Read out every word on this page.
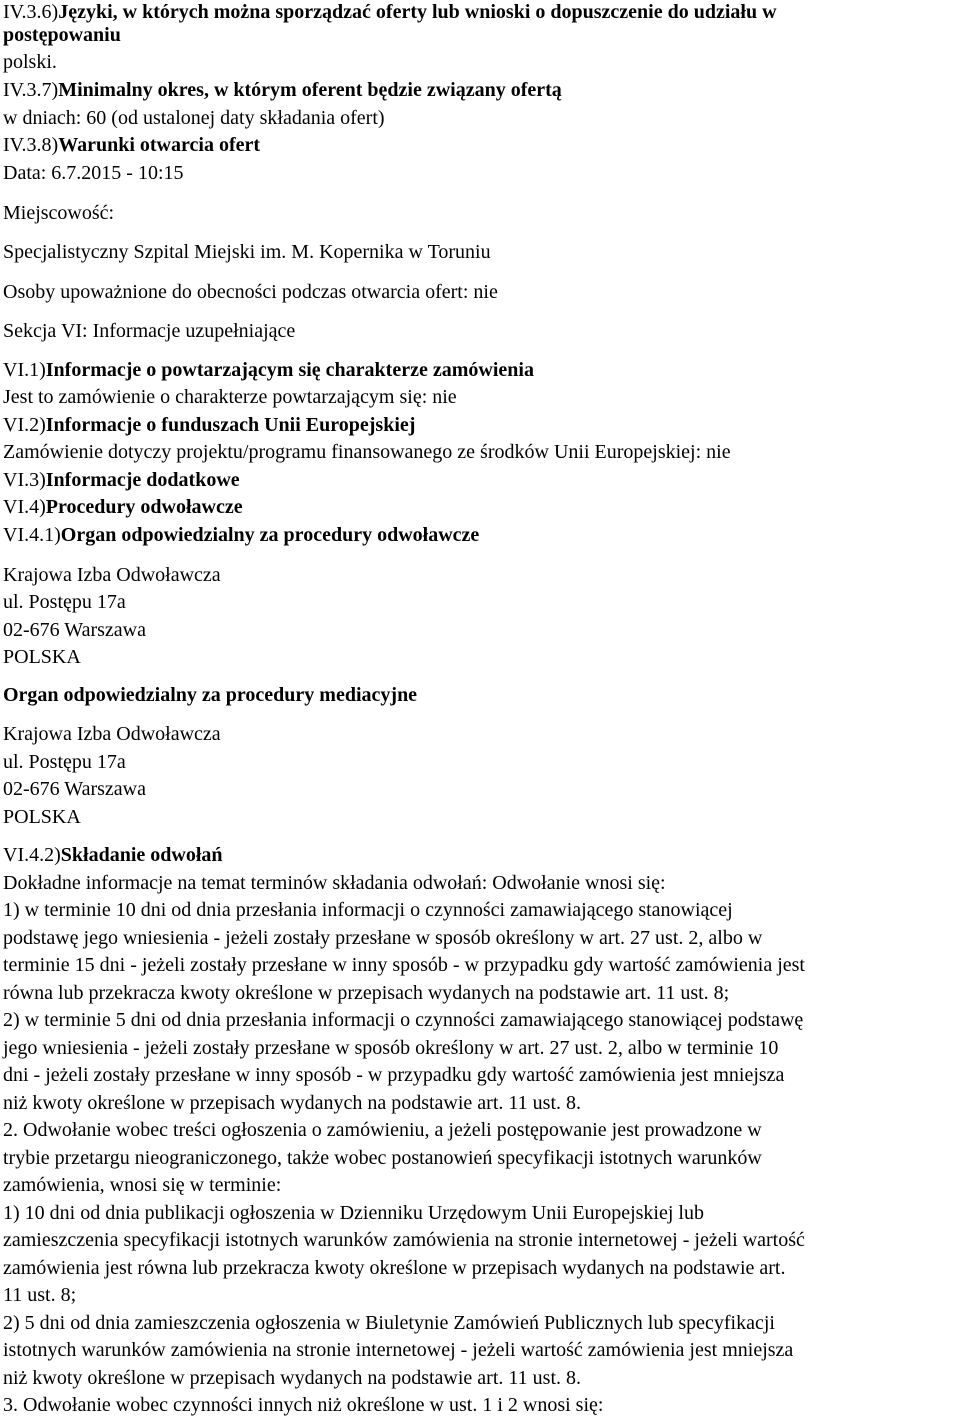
IV.3.6)Języki, w których można sporządzać oferty lub wnioski o dopuszczenie do udziału w
postępowaniu
polski.
IV.3.7)Minimalny okres, w którym oferent będzie związany ofertą
w dniach: 60 (od ustalonej daty składania ofert)
IV.3.8)Warunki otwarcia ofert
Data: 6.7.2015 - 10:15
Miejscowość:
Specjalistyczny Szpital Miejski im. M. Kopernika w Toruniu
Osoby upoważnione do obecności podczas otwarcia ofert: nie
Sekcja VI: Informacje uzupełniające
VI.1)Informacje o powtarzającym się charakterze zamówienia
Jest to zamówienie o charakterze powtarzającym się: nie
VI.2)Informacje o funduszach Unii Europejskiej
Zamówienie dotyczy projektu/programu finansowanego ze środków Unii Europejskiej: nie
VI.3)Informacje dodatkowe
VI.4)Procedury odwoławcze
VI.4.1)Organ odpowiedzialny za procedury odwoławcze
Krajowa Izba Odwoławcza
ul. Postępu 17a
02-676 Warszawa
POLSKA
Organ odpowiedzialny za procedury mediacyjne
Krajowa Izba Odwoławcza
ul. Postępu 17a
02-676 Warszawa
POLSKA
VI.4.2)Składanie odwołań
Dokładne informacje na temat terminów składania odwołań: Odwołanie wnosi się:
1) w terminie 10 dni od dnia przesłania informacji o czynności zamawiającego stanowiącej
podstawę jego wniesienia - jeżeli zostały przesłane w sposób określony w art. 27 ust. 2, albo w
terminie 15 dni - jeżeli zostały przesłane w inny sposób - w przypadku gdy wartość zamówienia jest
równa lub przekracza kwoty określone w przepisach wydanych na podstawie art. 11 ust. 8;
2) w terminie 5 dni od dnia przesłania informacji o czynności zamawiającego stanowiącej podstawę
jego wniesienia - jeżeli zostały przesłane w sposób określony w art. 27 ust. 2, albo w terminie 10
dni - jeżeli zostały przesłane w inny sposób - w przypadku gdy wartość zamówienia jest mniejsza
niż kwoty określone w przepisach wydanych na podstawie art. 11 ust. 8.
2. Odwołanie wobec treści ogłoszenia o zamówieniu, a jeżeli postępowanie jest prowadzone w
trybie przetargu nieograniczonego, także wobec postanowień specyfikacji istotnych warunków
zamówienia, wnosi się w terminie:
1) 10 dni od dnia publikacji ogłoszenia w Dzienniku Urzędowym Unii Europejskiej lub
zamieszczenia specyfikacji istotnych warunków zamówienia na stronie internetowej - jeżeli wartość
zamówienia jest równa lub przekracza kwoty określone w przepisach wydanych na podstawie art.
11 ust. 8;
2) 5 dni od dnia zamieszczenia ogłoszenia w Biuletynie Zamówień Publicznych lub specyfikacji
istotnych warunków zamówienia na stronie internetowej - jeżeli wartość zamówienia jest mniejsza
niż kwoty określone w przepisach wydanych na podstawie art. 11 ust. 8.
3. Odwołanie wobec czynności innych niż określone w ust. 1 i 2 wnosi się:
